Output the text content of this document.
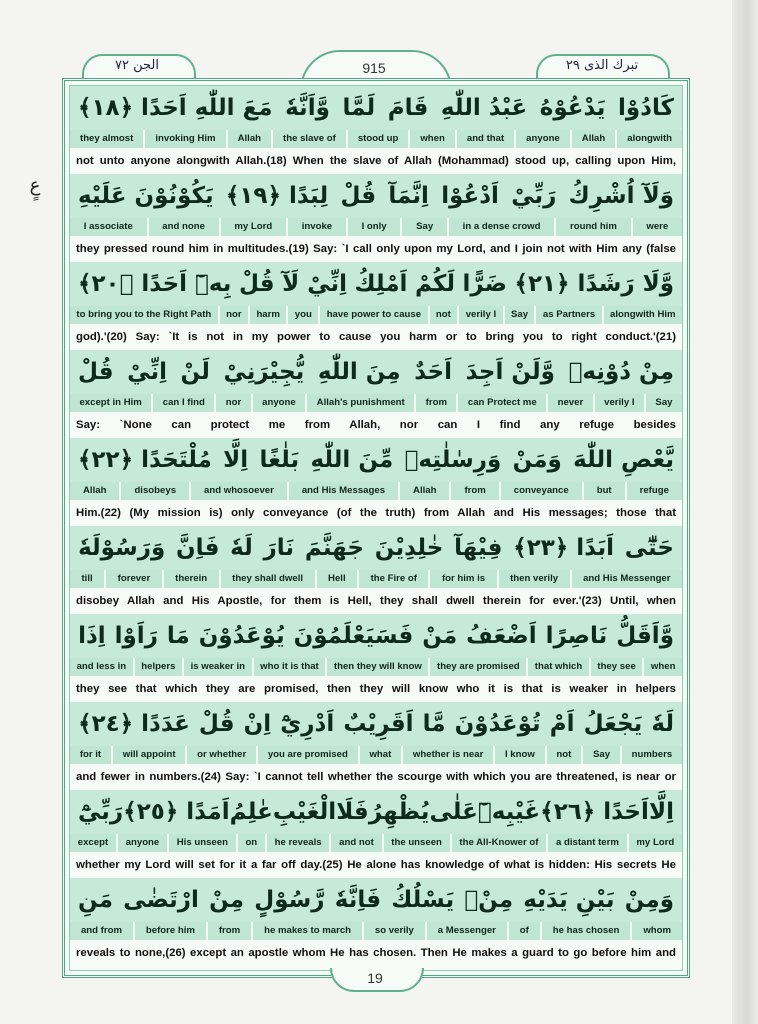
الجن ٧٢	تبرك الذى ٢٩
915
عٍ
مَعَ اللّٰهِ اَحَدًا ﴿١٨﴾ وَّاَنَّهٗ لَمَّا قَامَ عَبْدُ اللّٰهِ يَدْعُوْهُ كَادُوْا
they almost	invoking Him	Allah	the slave of	stood up	when	and that	anyone	Allah	alongwith
not unto anyone alongwith Allah.(18) When the slave of Allah (Mohammad) stood up, calling upon Him,
يَكُوْنُوْنَ عَلَيْهِ لِبَدًا ﴿١٩﴾ قُلْ اِنَّمَآ اَدْعُوْا رَبِّيْ وَلَآ اُشْرِكُ
I associate	and none	my Lord	invoke	I only	Say	in a dense crowd	round him	were
they pressed round him in multitudes.(19) Say: `I call only upon my Lord, and I join not with Him any (false
بِهٖٓ اَحَدًا ﴿٢٠﴾ قُلْ اِنِّيْ لَآ اَمْلِكُ لَكُمْ ضَرًّا وَّلَا رَشَدًا ﴿٢١﴾
to bring you to the Right Path	nor	harm	you	have power to cause	not	verily I	Say	as Partners	alongwith Him
god).'(20) Say: `It is not in my power to cause you harm or to bring you to right conduct.'(21)
قُلْ اِنِّيْ لَنْ يُّجِيْرَنِيْ مِنَ اللّٰهِ اَحَدٌ وَّلَنْ اَجِدَ مِنْ دُوْنِهٖ
except in Him	can I find	nor	anyone	Allah's punishment	from	can Protect me	never	verily I	Say
Say: `None can protect me from Allah, nor can I find any refuge besides
مُلْتَحَدًا ﴿٢٢﴾ اِلَّا بَلٰغًا مِّنَ اللّٰهِ وَرِسٰلٰتِهٖ وَمَنْ يَّعْصِ اللّٰهَ
Allah	disobeys	and whosoever	and His Messages	Allah	from	conveyance	but	refuge
Him.(22) (My mission is) only conveyance (of the truth) from Allah and His messages; those that
وَرَسُوْلَهٗ فَاِنَّ لَهٗ نَارَ جَهَنَّمَ خٰلِدِيْنَ فِيْهَآ اَبَدًا ﴿٢٣﴾ حَتّٰٓى
till	forever	therein	they shall dwell	Hell	the Fire of	for him is	then verily	and His Messenger
disobey Allah and His Apostle, for them is Hell, they shall dwell therein for ever.'(23) Until, when
اِذَا رَاَوْا مَا يُوْعَدُوْنَ فَسَيَعْلَمُوْنَ مَنْ اَضْعَفُ نَاصِرًا وَّاَقَلُّ
and less in	helpers	is weaker in	who it is that	then they will know	they are promised	that which	they see	when
they see that which they are promised, then they will know who it is that is weaker in helpers
عَدَدًا ﴿٢٤﴾ قُلْ اِنْ اَدْرِيْٓ اَقَرِيْبٌ مَّا تُوْعَدُوْنَ اَمْ يَجْعَلُ لَهٗ
for it	will appoint	or whether	you are promised	what	whether is near	I know	not	Say	numbers
and fewer in numbers.(24) Say: `I cannot tell whether the scourge with which you are threatened, is near or
رَبِّيْٓ اَمَدًا ﴿٢٥﴾ عٰلِمُ الْغَيْبِ فَلَا يُظْهِرُ عَلٰى غَيْبِهٖٓ اَحَدًا ﴿٢٦﴾ اِلَّا
except	anyone	His unseen	on	he reveals	and not	the unseen	the All-Knower of	a distant term	my Lord
whether my Lord will set for it a far off day.(25) He alone has knowledge of what is hidden: His secrets He
مَنِ ارْتَضٰى مِنْ رَّسُوْلٍ فَاِنَّهٗ يَسْلُكُ مِنْۢ بَيْنِ يَدَيْهِ وَمِنْ
and from	before him	from	he makes to march	so verily	a Messenger	of	he has chosen	whom
reveals to none,(26) except an apostle whom He has chosen. Then He makes a guard to go before him and
19
